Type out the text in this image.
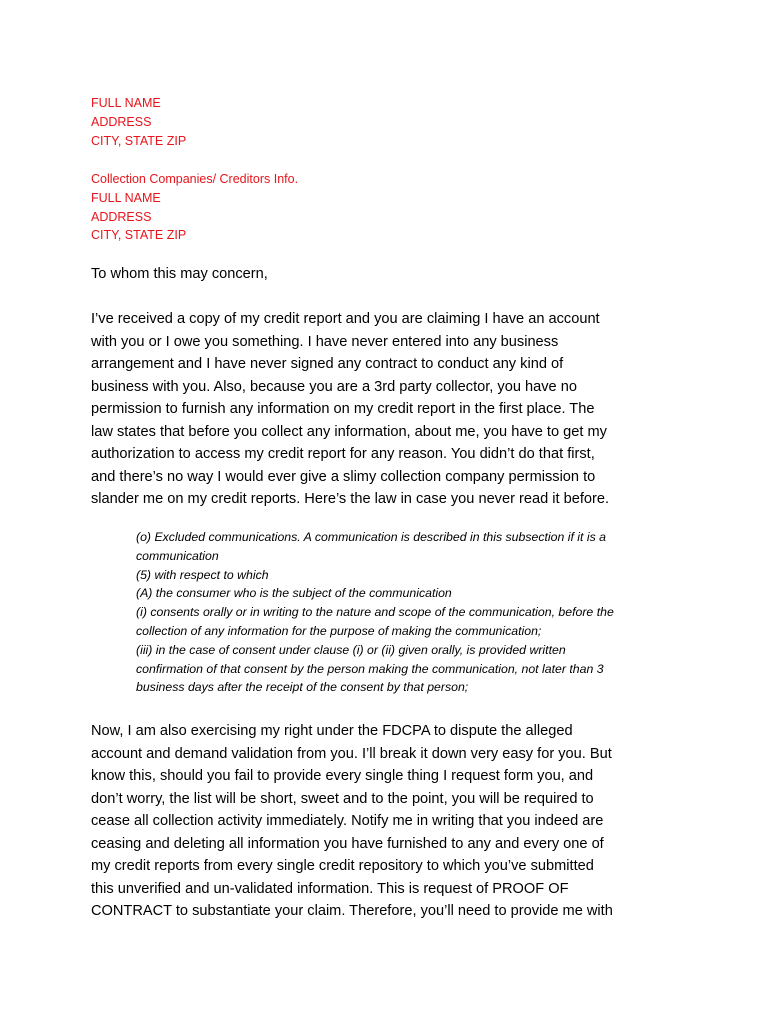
FULL NAME
ADDRESS
CITY, STATE ZIP
Collection Companies/ Creditors Info.
FULL NAME
ADDRESS
CITY, STATE ZIP
To whom this may concern,
I’ve received a copy of my credit report and you are claiming I have an account
with you or I owe you something. I have never entered into any business
arrangement and I have never signed any contract to conduct any kind of
business with you. Also, because you are a 3rd party collector, you have no
permission to furnish any information on my credit report in the first place. The
law states that before you collect any information, about me, you have to get my
authorization to access my credit report for any reason. You didn’t do that first,
and there’s no way I would ever give a slimy collection company permission to
slander me on my credit reports. Here’s the law in case you never read it before.
(o) Excluded communications. A communication is described in this subsection if it is a
communication
(5) with respect to which
(A) the consumer who is the subject of the communication
(i) consents orally or in writing to the nature and scope of the communication, before the
collection of any information for the purpose of making the communication;
(iii) in the case of consent under clause (i) or (ii) given orally, is provided written
confirmation of that consent by the person making the communication, not later than 3
business days after the receipt of the consent by that person;
Now, I am also exercising my right under the FDCPA to dispute the alleged
account and demand validation from you. I’ll break it down very easy for you. But
know this, should you fail to provide every single thing I request form you, and
don’t worry, the list will be short, sweet and to the point, you will be required to
cease all collection activity immediately. Notify me in writing that you indeed are
ceasing and deleting all information you have furnished to any and every one of
my credit reports from every single credit repository to which you’ve submitted
this unverified and un-validated information. This is request of PROOF OF
CONTRACT to substantiate your claim. Therefore, you’ll need to provide me with
